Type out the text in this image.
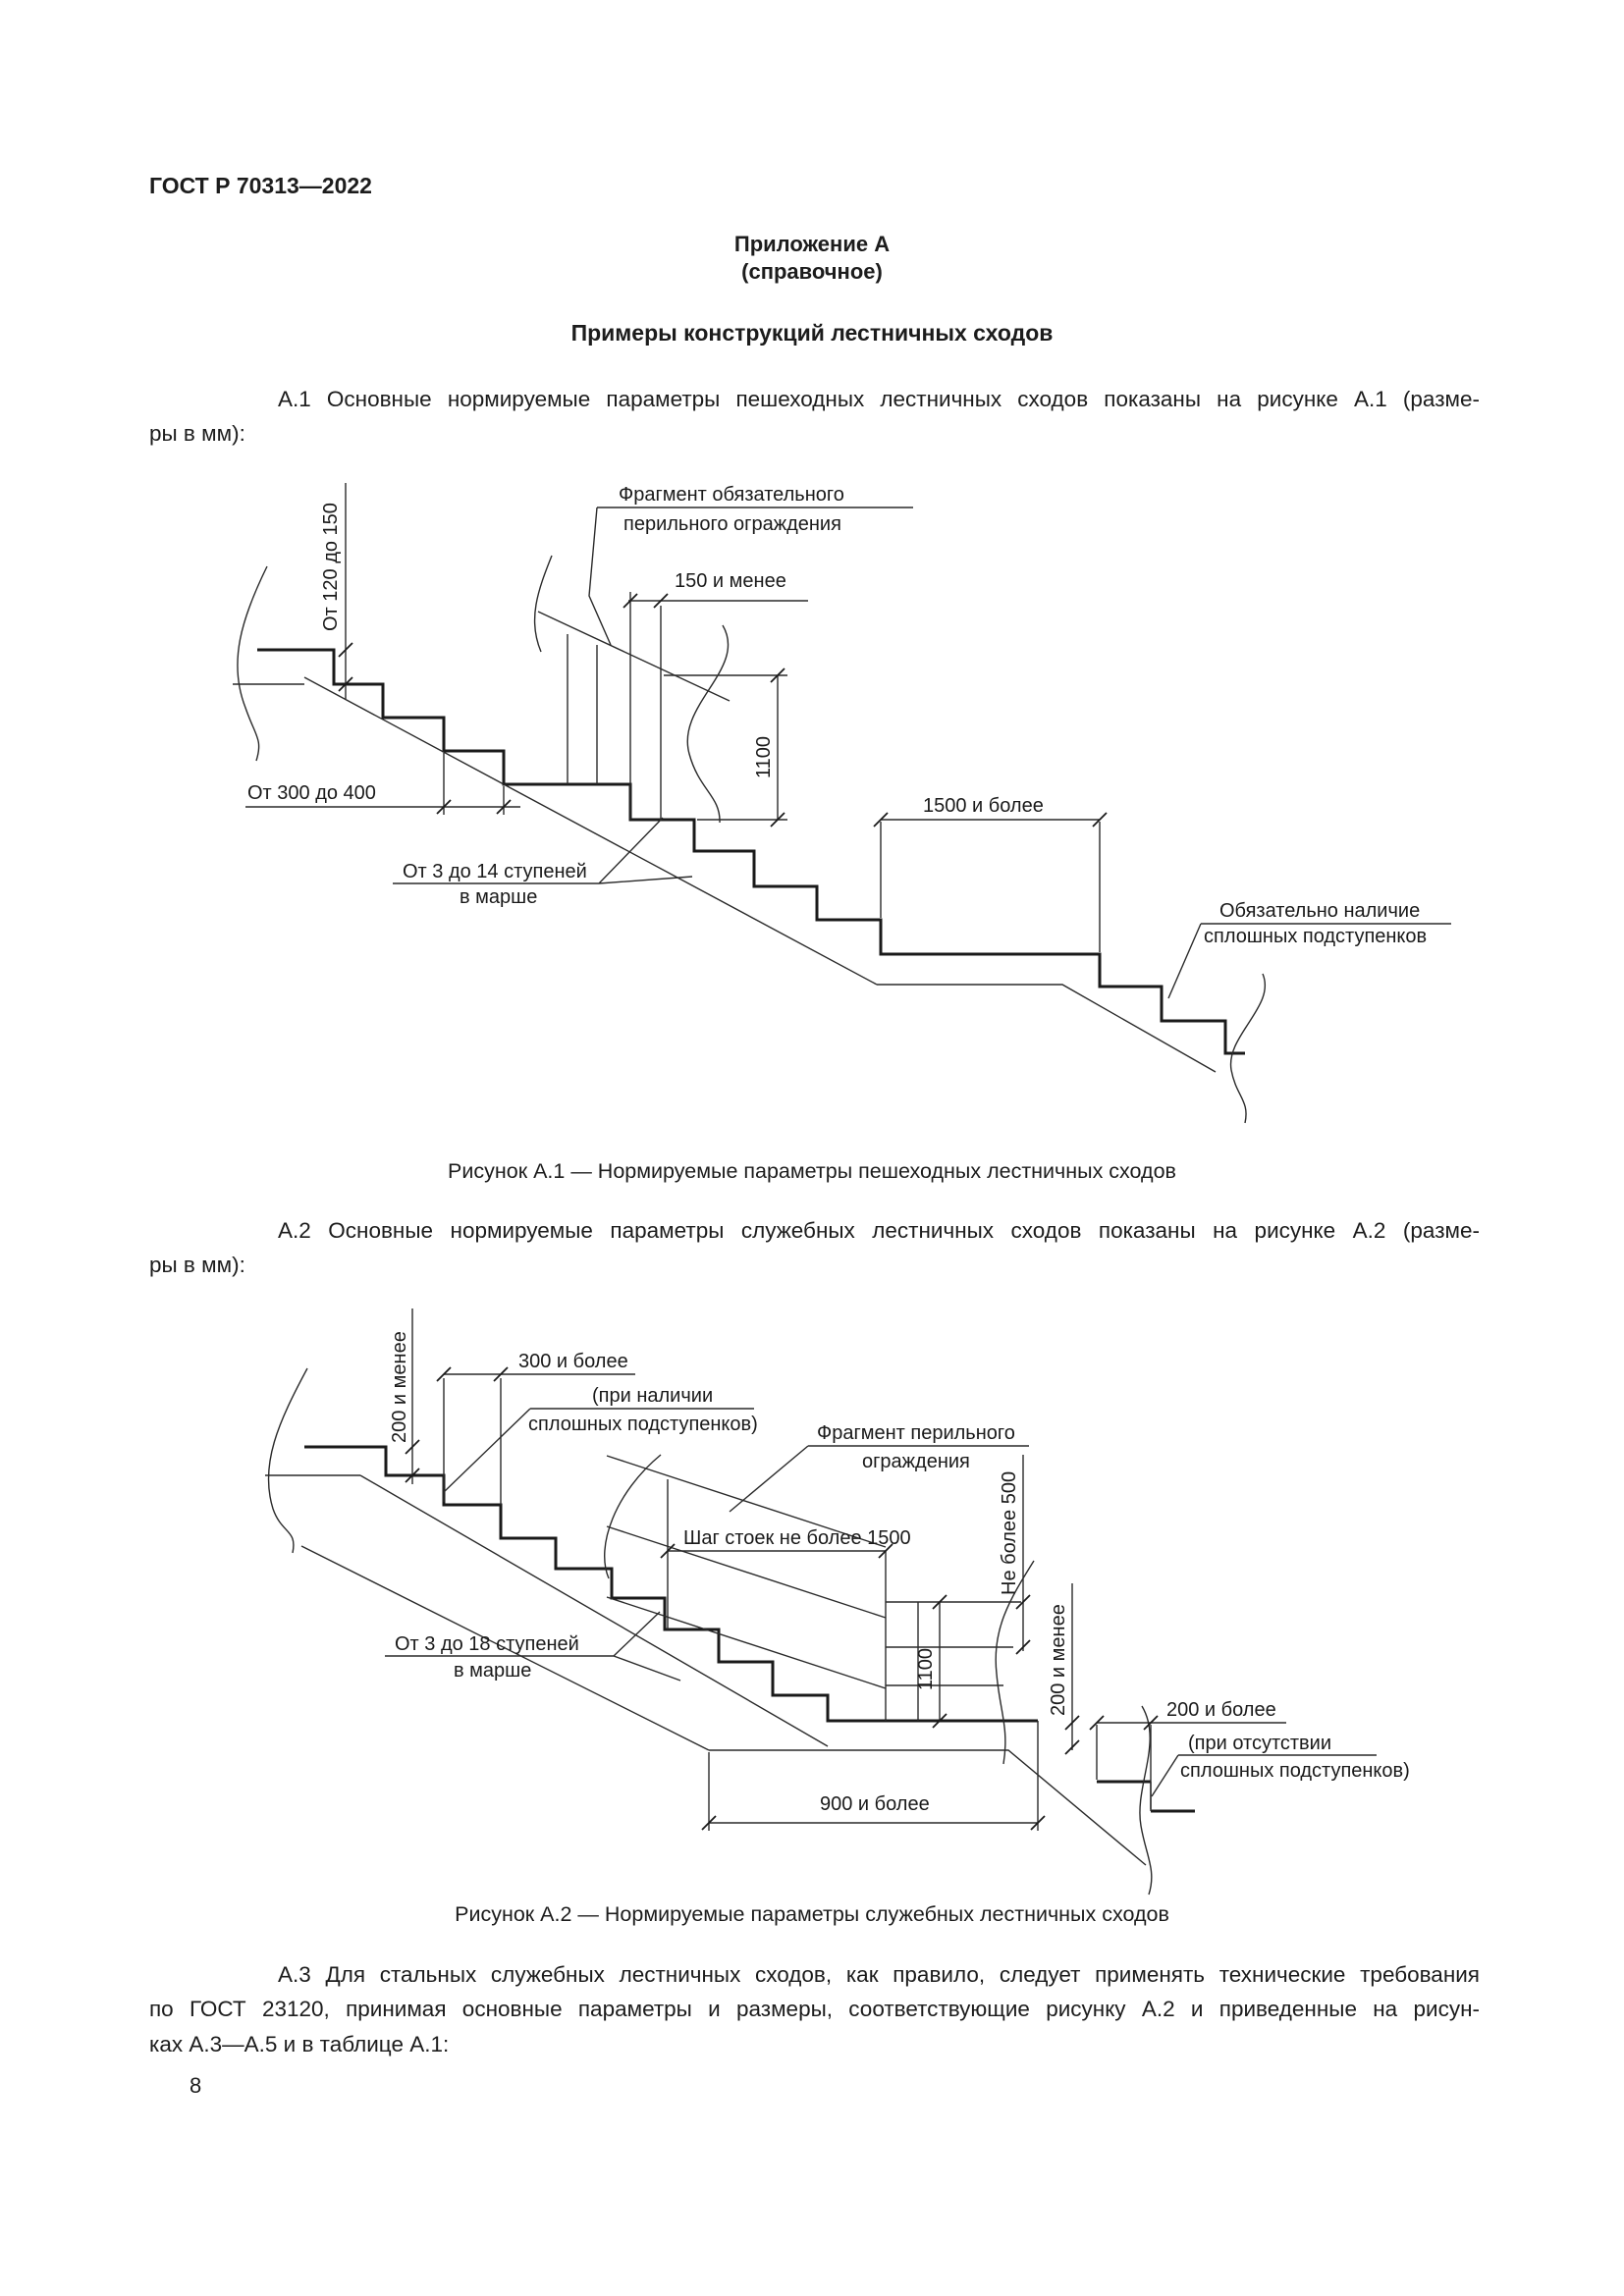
ГОСТ Р 70313—2022
Приложение А
(справочное)
Примеры конструкций лестничных сходов
А.1 Основные нормируемые параметры пешеходных лестничных сходов показаны на рисунке А.1 (разме-
ры в мм):
От 120 до 150
От 300 до 400
150 и менее
1100
1500 и более
Фрагмент обязательного
перильного ограждения
От 3 до 14 ступеней
в марше
Обязательно наличие
сплошных подступенков
Рисунок А.1 — Нормируемые параметры пешеходных лестничных сходов
А.2 Основные нормируемые параметры служебных лестничных сходов показаны на рисунке А.2 (разме-
ры в мм):
200 и менее	300 и более
(при наличии
сплошных подступенков)	Фрагмент перильного
ограждения
Шаг стоек не более 1500	Не более 500
1100	200 и менее	200 и более
(при отсутствии
сплошных подступенков)
900 и более
От 3 до 18 ступеней
в марше
Рисунок А.2 — Нормируемые параметры служебных лестничных сходов
А.3 Для стальных служебных лестничных сходов, как правило, следует применять технические требования
по ГОСТ 23120, принимая основные параметры и размеры, соответствующие рисунку А.2 и приведенные на рисун-
ках А.3—А.5 и в таблице А.1:
8
